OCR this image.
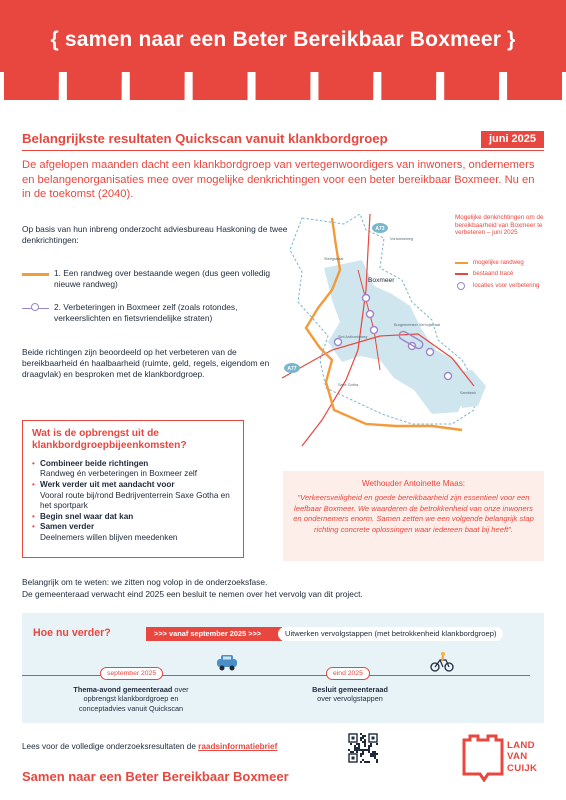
{ samen naar een Beter Bereikbaar Boxmeer }
Belangrijkste resultaten Quickscan vanuit klankbordgroep	juni 2025
De afgelopen maanden dacht een klankbordgroep van vertegenwoordigers van inwoners, ondernemers en belangenorganisaties mee over mogelijke denkrichtingen voor een beter bereikbaar Boxmeer. Nu en in de toekomst (2040).

Op basis van hun inbreng onderzocht adviesbureau Haskoning de twee denkrichtingen:

1. Een randweg over bestaande wegen (dus geen volledig nieuwe randweg)
2. Verbeteringen in Boxmeer zelf (zoals rotondes, verkeerslichten en fietsvriendelijke straten)
Beide richtingen zijn beoordeeld op het verbeteren van de bereikbaarheid én haalbaarheid (ruimte, geld, regels, eigendom en draagvlak) en besproken met de klankbordgroep.
Wat is de opbrengst uit de klankbordgroepbijeenkomsten?
• Combineer beide richtingen
Randweg én verbeteringen in Boxmeer zelf
• Werk verder uit met aandacht voor
Vooral route bij/rond Bedrijventerrein Saxe Gotha en het sportpark
• Begin snel waar dat kan
• Samen verder
Deelnemers willen blijven meedenken
A73
A77
Boxmeer
Steegstraat
Burgemeester Verhoijstraat
Sint Anthonieweg
Saxe Gotha
Sambeek
Vortumseweg
Mogelijke denkrichtingen om de bereikbaarheid van Boxmeer te verbeteren – juni 2025
mogelijke randweg
bestaand tracé
locaties voor verbetering
Wethouder Antoinette Maas:
"Verkeersveiligheid en goede bereikbaarheid zijn essentieel voor een leefbaar Boxmeer. We waarderen de betrokkenheid van onze inwoners en ondernemers enorm. Samen zetten we een volgende belangrijk stap richting concrete oplossingen waar iedereen baat bij heeft".
Belangrijk om te weten: we zitten nog volop in de onderzoeksfase.
De gemeenteraad verwacht eind 2025 een besluit te nemen over het vervolg van dit project.
Hoe nu verder?	>>> vanaf september 2025 >>>	Uitwerken vervolgstappen (met betrokkenheid klankbordgroep)
september 2025	eind 2025
Thema-avond gemeenteraad over opbrengst klankbordgroep en conceptadvies vanuit Quickscan
Besluit gemeenteraad
over vervolgstappen
Lees voor de volledige onderzoeksresultaten de raadsinformatiebrief
Samen naar een Beter Bereikbaar Boxmeer
LAND
VAN
CUIJK
